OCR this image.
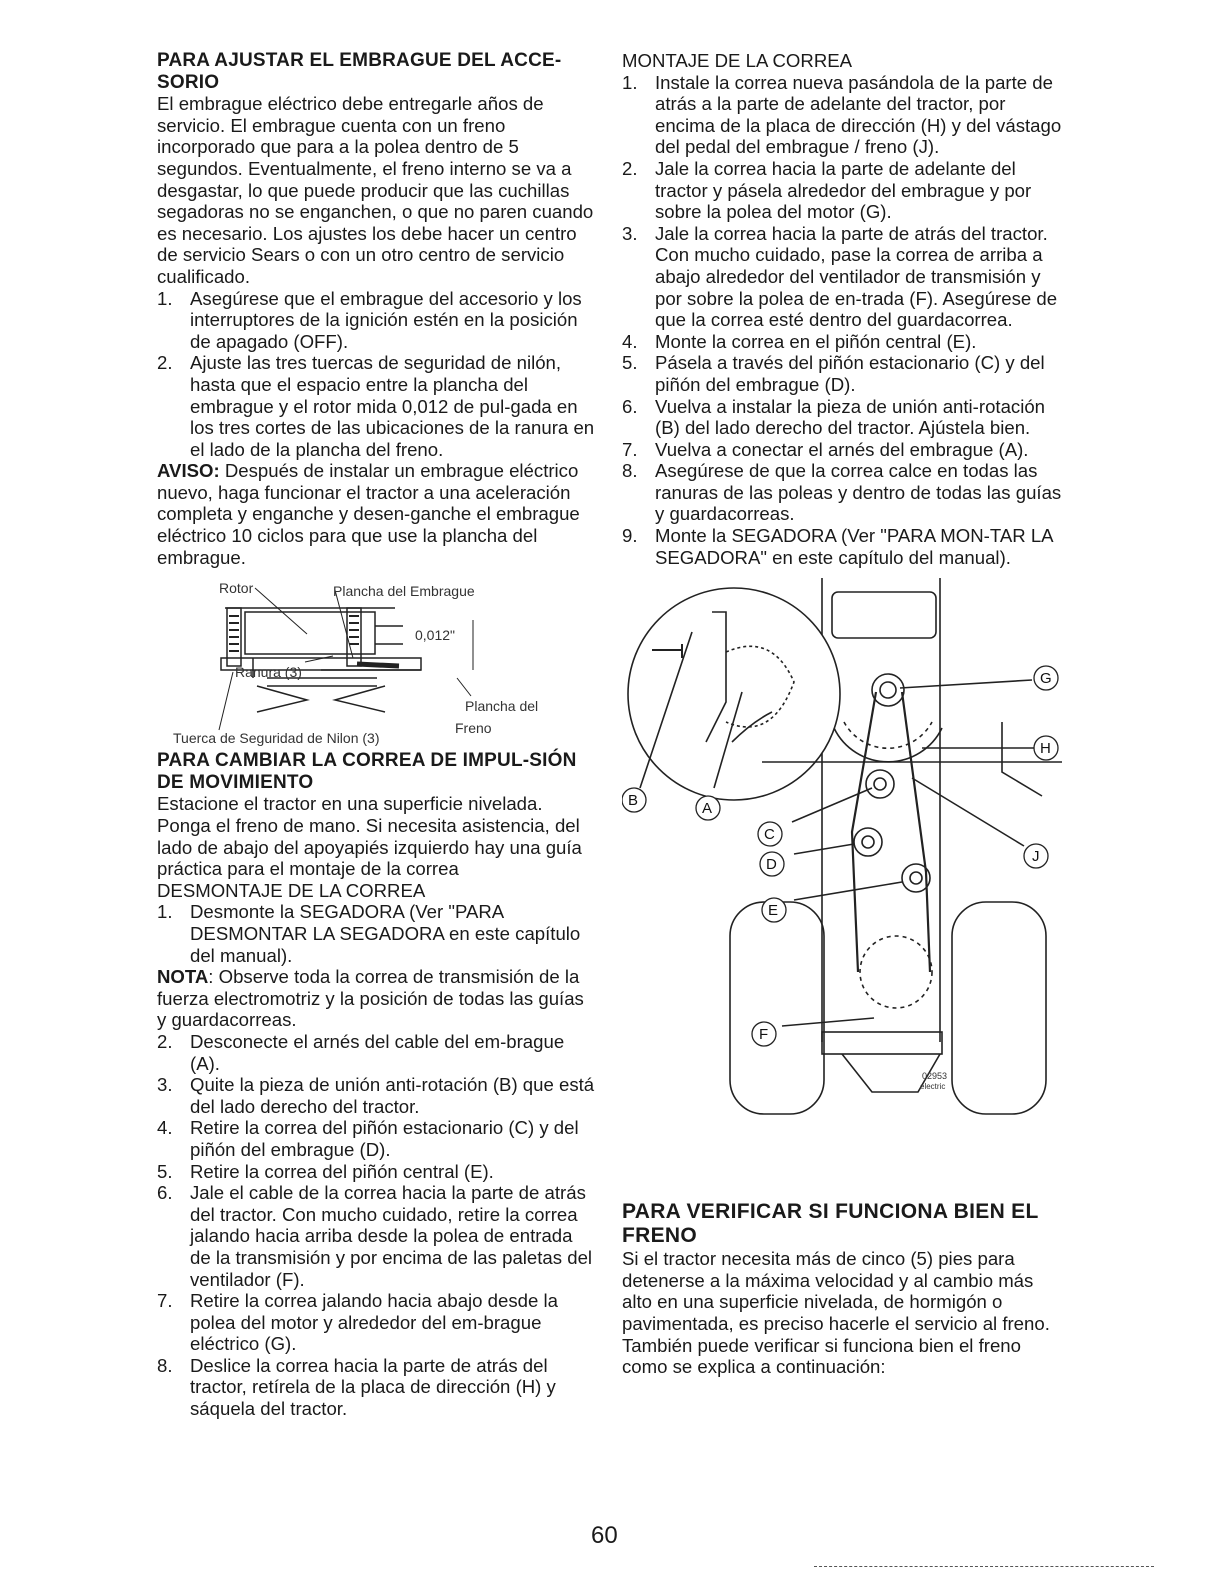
PARA AJUSTAR EL EMBRAGUE DEL ACCE-SORIO

El embrague eléctrico debe entregarle años de servicio. El embrague cuenta con un freno incorporado que para a la polea dentro de 5 segundos. Eventualmente, el freno interno se va a desgastar, lo que puede producir que las cuchillas segadoras no se enganchen, o que no paren cuando es necesario. Los ajustes los debe hacer un centro de servicio Sears o con un otro centro de servicio cualificado.

1. Asegúrese que el embrague del accesorio y los interruptores de la ignición estén en la posición de apagado (OFF).
2. Ajuste las tres tuercas de seguridad de nilón, hasta que el espacio entre la plancha del embrague y el rotor mida 0,012 de pul-gada en los tres cortes de las ubicaciones de la ranura en el lado de la plancha del freno.

AVISO: Después de instalar un embrague eléctrico nuevo, haga funcionar el tractor a una aceleración completa y enganche y desen-ganche el embrague eléctrico 10 ciclos para que use la plancha del embrague.

Rotor	Plancha del Embrague
0,012"
Ranura (3)
Plancha del
Freno
Tuerca de Seguridad de Nilon (3)

PARA CAMBIAR LA CORREA DE IMPUL-SIÓN DE MOVIMIENTO

Estacione el tractor en una superficie nivelada. Ponga el freno de mano. Si necesita asistencia, del lado de abajo del apoyapiés izquierdo hay una guía práctica para el montaje de la correa

DESMONTAJE DE LA CORREA

1. Desmonte la SEGADORA (Ver "PARA DESMONTAR LA SEGADORA en este capítulo del manual).

NOTA: Observe toda la correa de transmisión de la fuerza electromotriz y la posición de todas las guías y guardacorreas.

2. Desconecte el arnés del cable del em-brague (A).
3. Quite la pieza de unión anti-rotación (B) que está del lado derecho del tractor.
4. Retire la correa del piñón estacionario (C) y del piñón del embrague (D).
5. Retire la correa del piñón central (E).
6. Jale el cable de la correa hacia la parte de atrás del tractor. Con mucho cuidado, retire la correa jalando hacia arriba desde la polea de entrada de la transmisión y por encima de las paletas del ventilador (F).
7. Retire la correa jalando hacia abajo desde la polea del motor y alrededor del em-brague eléctrico (G).
8. Deslice la correa hacia la parte de atrás del tractor, retírela de la placa de dirección (H) y sáquela del tractor.

MONTAJE DE LA CORREA

1. Instale la correa nueva pasándola de la parte de atrás a la parte de adelante del tractor, por encima de la placa de dirección (H) y del vástago del pedal del embrague / freno (J).
2. Jale la correa hacia la parte de adelante del tractor y pásela alrededor del embrague y por sobre la polea del motor (G).
3. Jale la correa hacia la parte de atrás del tractor. Con mucho cuidado, pase la correa de arriba a abajo alrededor del ventilador de transmisión y por sobre la polea de en-trada (F). Asegúrese de que la correa esté dentro del guardacorrea.
4. Monte la correa en el piñón central (E).
5. Pásela a través del piñón estacionario (C) y del piñón del embrague (D).
6. Vuelva a instalar la pieza de unión anti-rotación (B) del lado derecho del tractor. Ajústela bien.
7. Vuelva a conectar el arnés del embrague (A).
8. Asegúrese de que la correa calce en todas las ranuras de las poleas y dentro de todas las guías y guardacorreas.
9. Monte la SEGADORA (Ver "PARA MON-TAR LA SEGADORA" en este capítulo del manual).
B	A
C
D
E
F
G
H
J
02953
electric

PARA VERIFICAR SI FUNCIONA BIEN EL FRENO

Si el tractor necesita más de cinco (5) pies para detenerse a la máxima velocidad y al cambio más alto en una superficie nivelada, de hormigón o pavimentada, es preciso hacerle el servicio al freno.

También puede verificar si funciona bien el freno como se explica a continuación:

60
